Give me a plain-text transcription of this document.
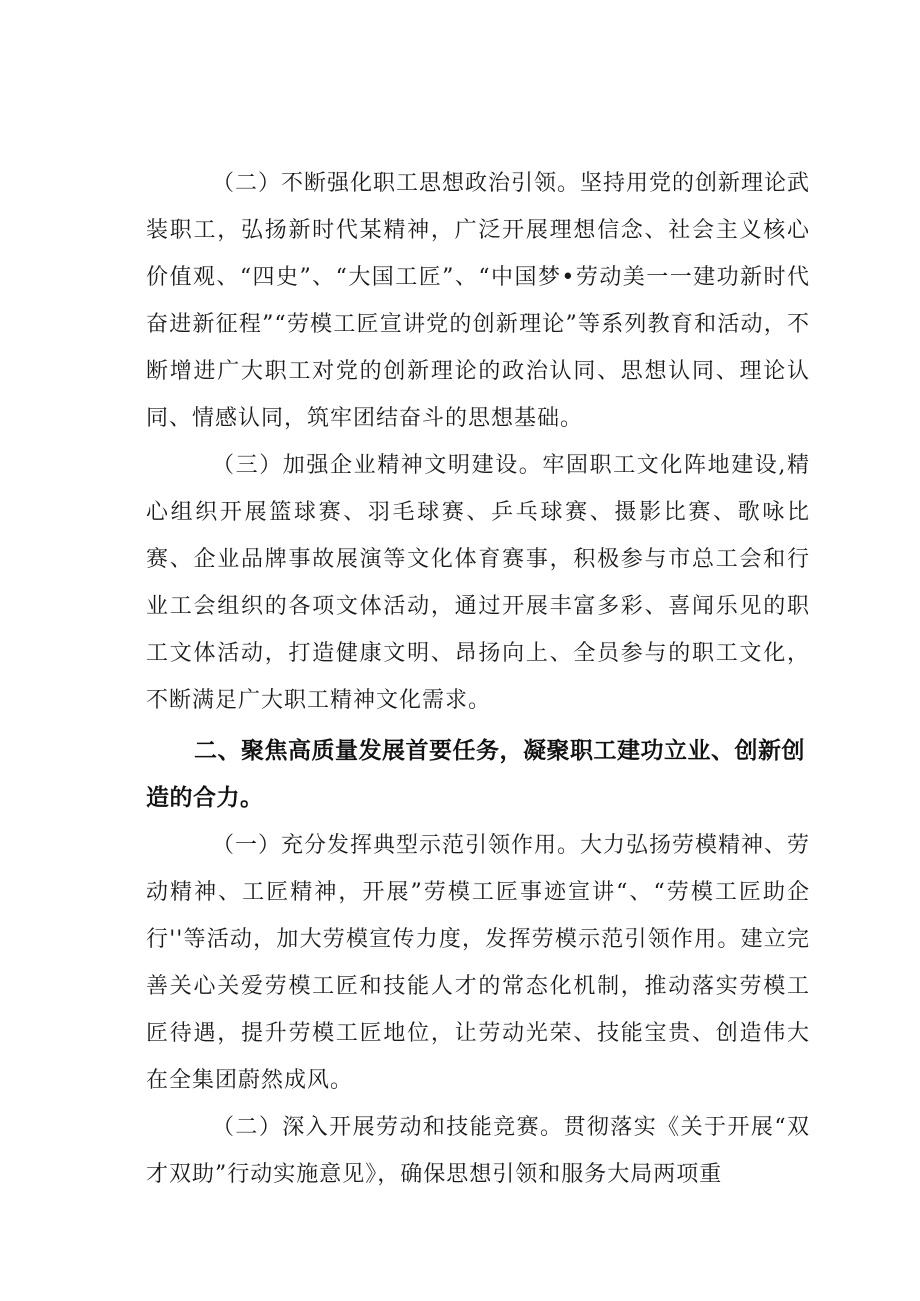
（二）不断强化职工思想政治引领。坚持用党的创新理论武装职工，弘扬新时代某精神，广泛开展理想信念、社会主义核心价值观、“四史”、“大国工匠”、“中国梦•劳动美一一建功新时代奋进新征程”“劳模工匠宣讲党的创新理论”等系列教育和活动，不断增进广大职工对党的创新理论的政治认同、思想认同、理论认同、情感认同，筑牢团结奋斗的思想基础。

（三）加强企业精神文明建设。牢固职工文化阵地建设,精心组织开展篮球赛、羽毛球赛、乒乓球赛、摄影比赛、歌咏比赛、企业品牌事故展演等文化体育赛事，积极参与市总工会和行业工会组织的各项文体活动，通过开展丰富多彩、喜闻乐见的职工文体活动，打造健康文明、昂扬向上、全员参与的职工文化，不断满足广大职工精神文化需求。

二、聚焦高质量发展首要任务，凝聚职工建功立业、创新创造的合力。

（一）充分发挥典型示范引领作用。大力弘扬劳模精神、劳动精神、工匠精神，开展”劳模工匠事迹宣讲“、“劳模工匠助企行''等活动，加大劳模宣传力度，发挥劳模示范引领作用。建立完善关心关爱劳模工匠和技能人才的常态化机制，推动落实劳模工匠待遇，提升劳模工匠地位，让劳动光荣、技能宝贵、创造伟大在全集团蔚然成风。

（二）深入开展劳动和技能竞赛。贯彻落实《关于开展“双才双助”行动实施意见》，确保思想引领和服务大局两项重
